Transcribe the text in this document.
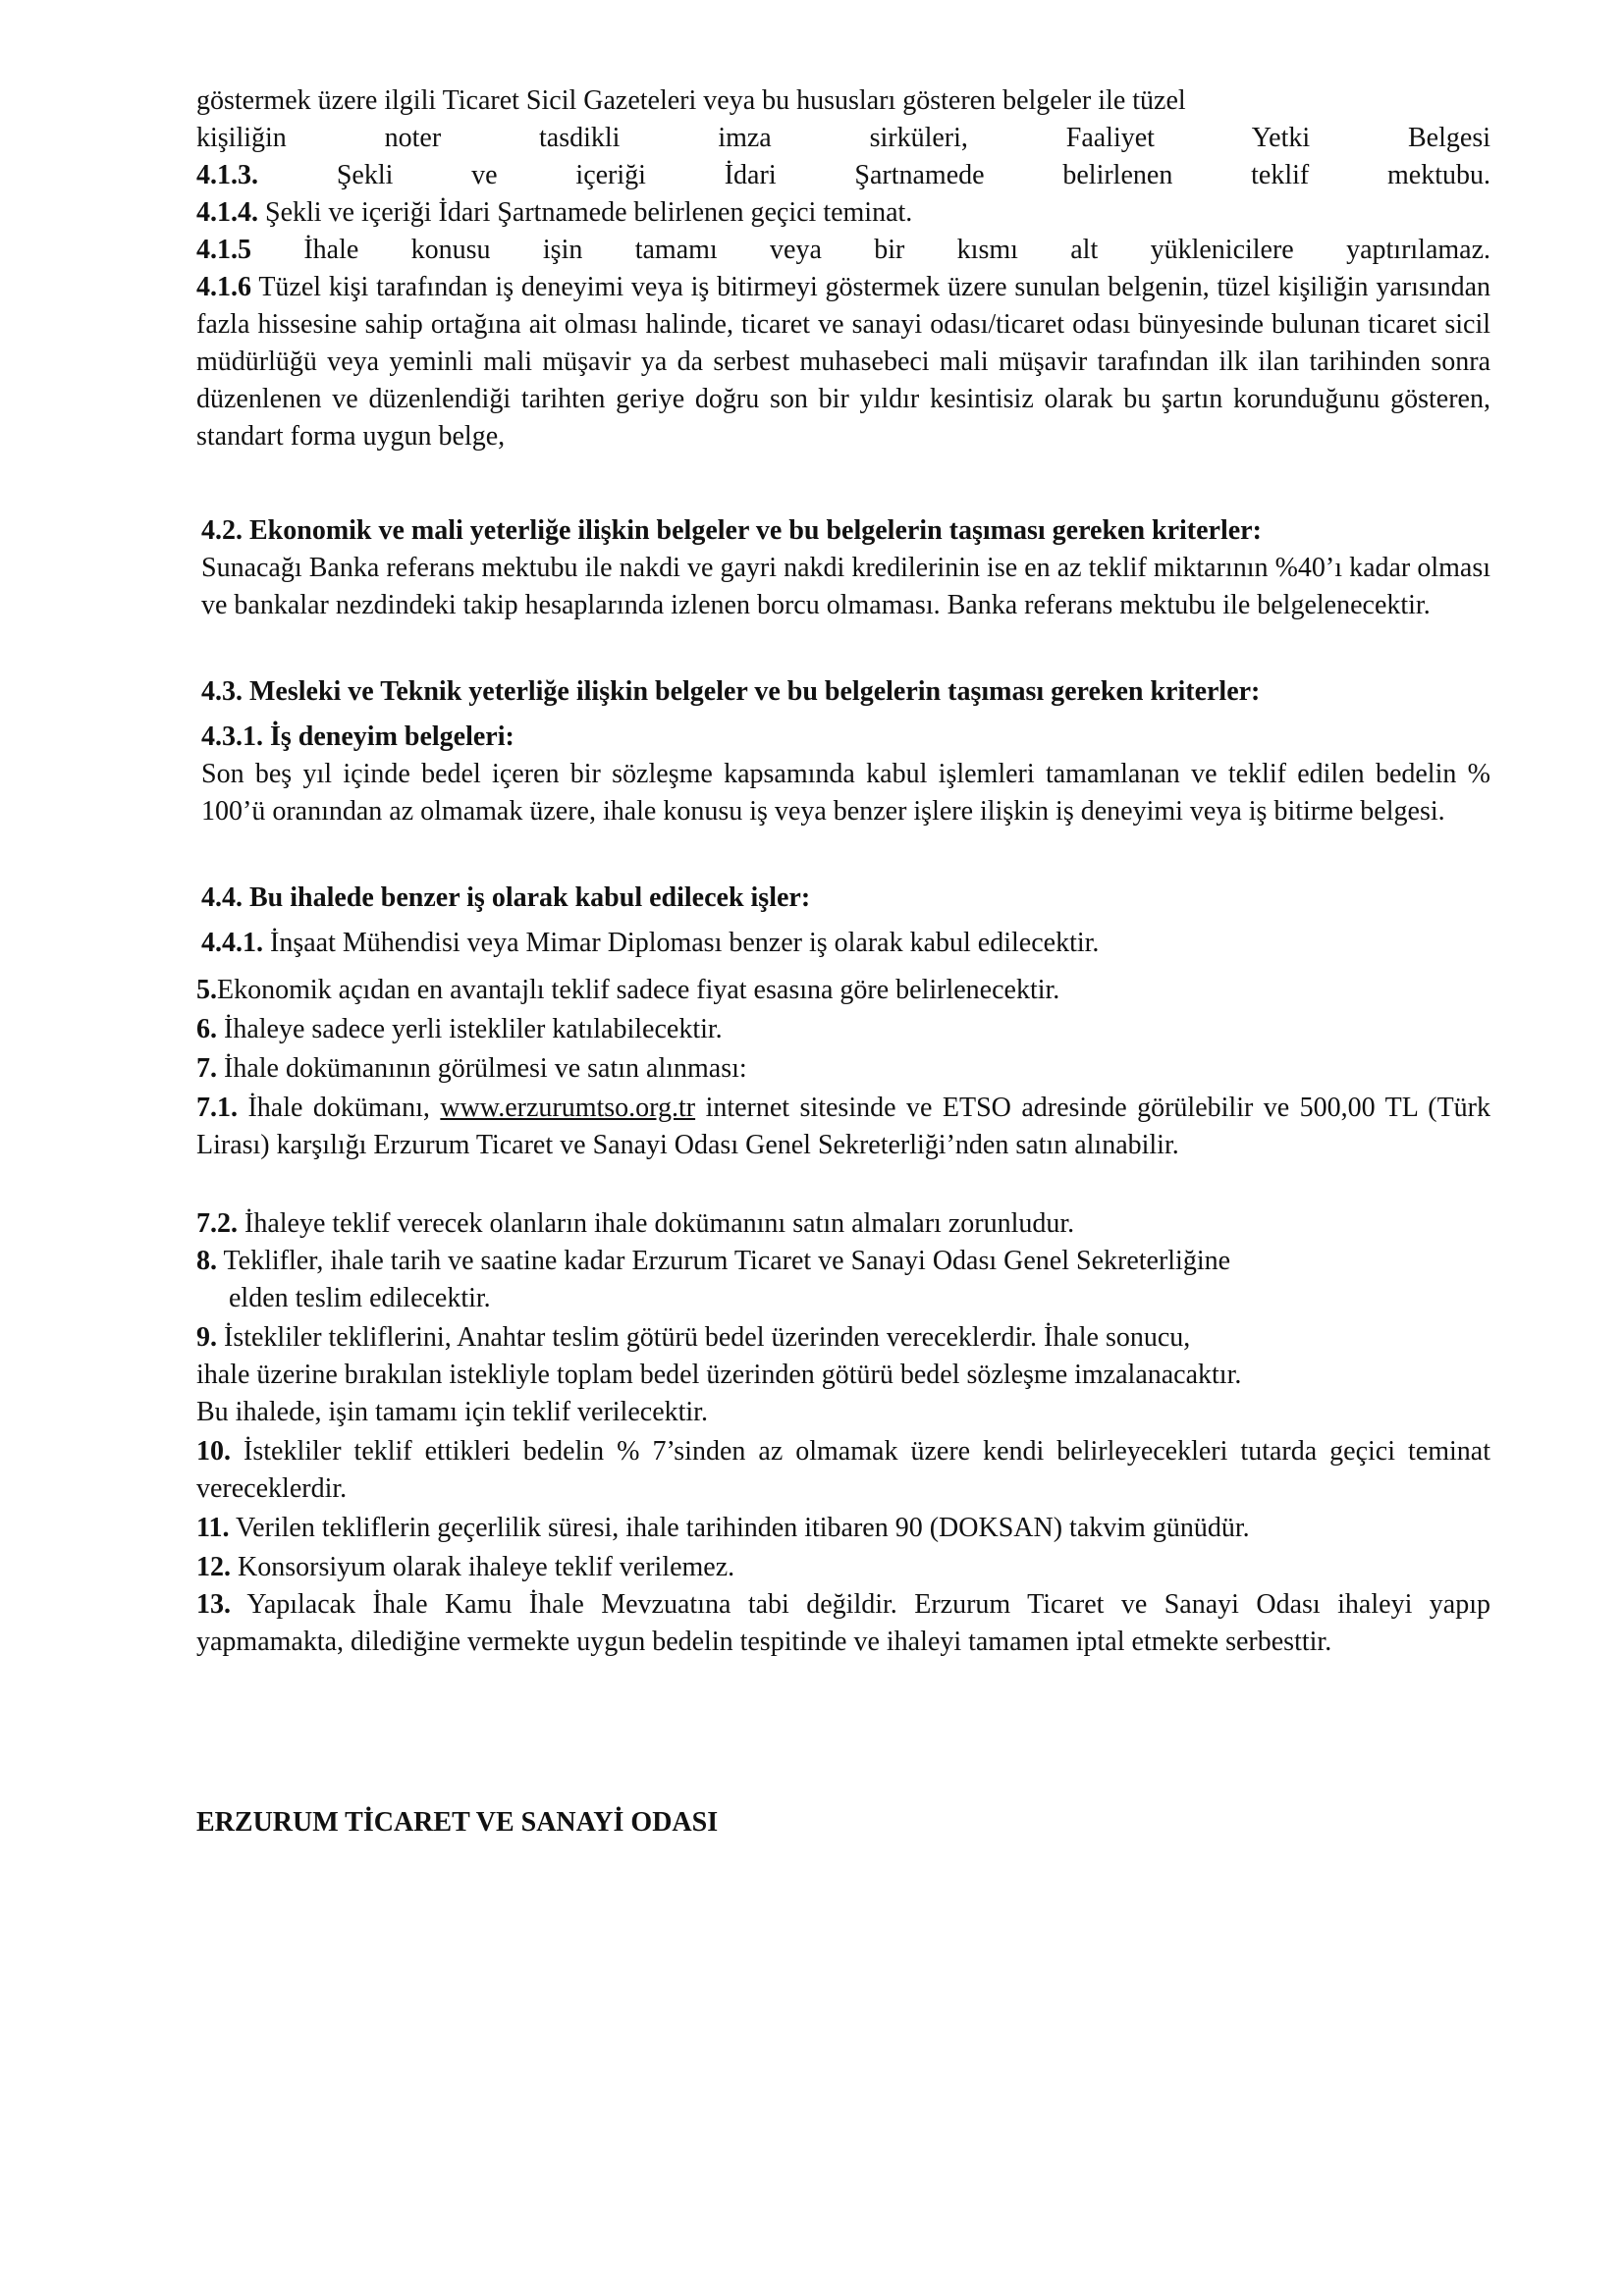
göstermek üzere ilgili Ticaret Sicil Gazeteleri veya bu hususları gösteren belgeler ile tüzel

kişiliğin noter tasdikli imza sirküleri, Faaliyet Yetki Belgesi

4.1.3.	Şekli ve içeriği İdari Şartnamede belirlenen teklif mektubu.

4.1.4. Şekli ve içeriği İdari Şartnamede belirlenen geçici teminat.

4.1.5 İhale konusu işin tamamı veya bir kısmı alt yüklenicilere yaptırılamaz.

4.1.6 Tüzel kişi tarafından iş deneyimi veya iş bitirmeyi göstermek üzere sunulan belgenin, tüzel kişiliğin yarısından fazla hissesine sahip ortağına ait olması halinde, ticaret ve sanayi odası/ticaret odası bünyesinde bulunan ticaret sicil müdürlüğü veya yeminli mali müşavir ya da serbest muhasebeci mali müşavir tarafından ilk ilan tarihinden sonra düzenlenen ve düzenlendiği tarihten geriye doğru son bir yıldır kesintisiz olarak bu şartın korunduğunu gösteren, standart forma uygun belge,

4.2. Ekonomik ve mali yeterliğe ilişkin belgeler ve bu belgelerin taşıması gereken kriterler:
Sunacağı Banka referans mektubu ile nakdi ve gayri nakdi kredilerinin ise en az teklif miktarının %40’ı kadar olması ve bankalar nezdindeki takip hesaplarında izlenen borcu olmaması. Banka referans mektubu ile belgelenecektir.

4.3. Mesleki ve Teknik yeterliğe ilişkin belgeler ve bu belgelerin taşıması gereken kriterler:

4.3.1. İş deneyim belgeleri:
Son beş yıl içinde bedel içeren bir sözleşme kapsamında kabul işlemleri tamamlanan ve teklif edilen bedelin % 100’ü oranından az olmamak üzere, ihale konusu iş veya benzer işlere ilişkin iş deneyimi veya iş bitirme belgesi.

4.4. Bu ihalede benzer iş olarak kabul edilecek işler:

4.4.1. İnşaat Mühendisi veya Mimar Diploması benzer iş olarak kabul edilecektir.

5.Ekonomik açıdan en avantajlı teklif sadece fiyat esasına göre belirlenecektir.

6. İhaleye sadece yerli istekliler katılabilecektir.

7. İhale dokümanının görülmesi ve satın alınması:

7.1. İhale dokümanı, www.erzurumtso.org.tr internet sitesinde ve ETSO adresinde görülebilir ve 500,00 TL (Türk Lirası) karşılığı Erzurum Ticaret ve Sanayi Odası Genel Sekreterliği’nden satın alınabilir.

7.2. İhaleye teklif verecek olanların ihale dokümanını satın almaları zorunludur.

8. Teklifler, ihale tarih ve saatine kadar Erzurum Ticaret ve Sanayi Odası Genel Sekreterliğine
elden teslim edilecektir.

9. İstekliler tekliflerini, Anahtar teslim götürü bedel üzerinden vereceklerdir. İhale sonucu,
ihale üzerine bırakılan istekliyle toplam bedel üzerinden götürü bedel sözleşme imzalanacaktır.
Bu ihalede, işin tamamı için teklif verilecektir.

10. İstekliler teklif ettikleri bedelin % 7’sinden az olmamak üzere kendi belirleyecekleri tutarda geçici teminat vereceklerdir.

11. Verilen tekliflerin geçerlilik süresi, ihale tarihinden itibaren 90 (DOKSAN) takvim günüdür.

12. Konsorsiyum olarak ihaleye teklif verilemez.

13. Yapılacak İhale Kamu İhale Mevzuatına tabi değildir. Erzurum Ticaret ve Sanayi Odası ihaleyi yapıp yapmamakta, dilediğine vermekte uygun bedelin tespitinde ve ihaleyi tamamen iptal etmekte serbesttir.

ERZURUM TİCARET VE SANAYİ ODASI
